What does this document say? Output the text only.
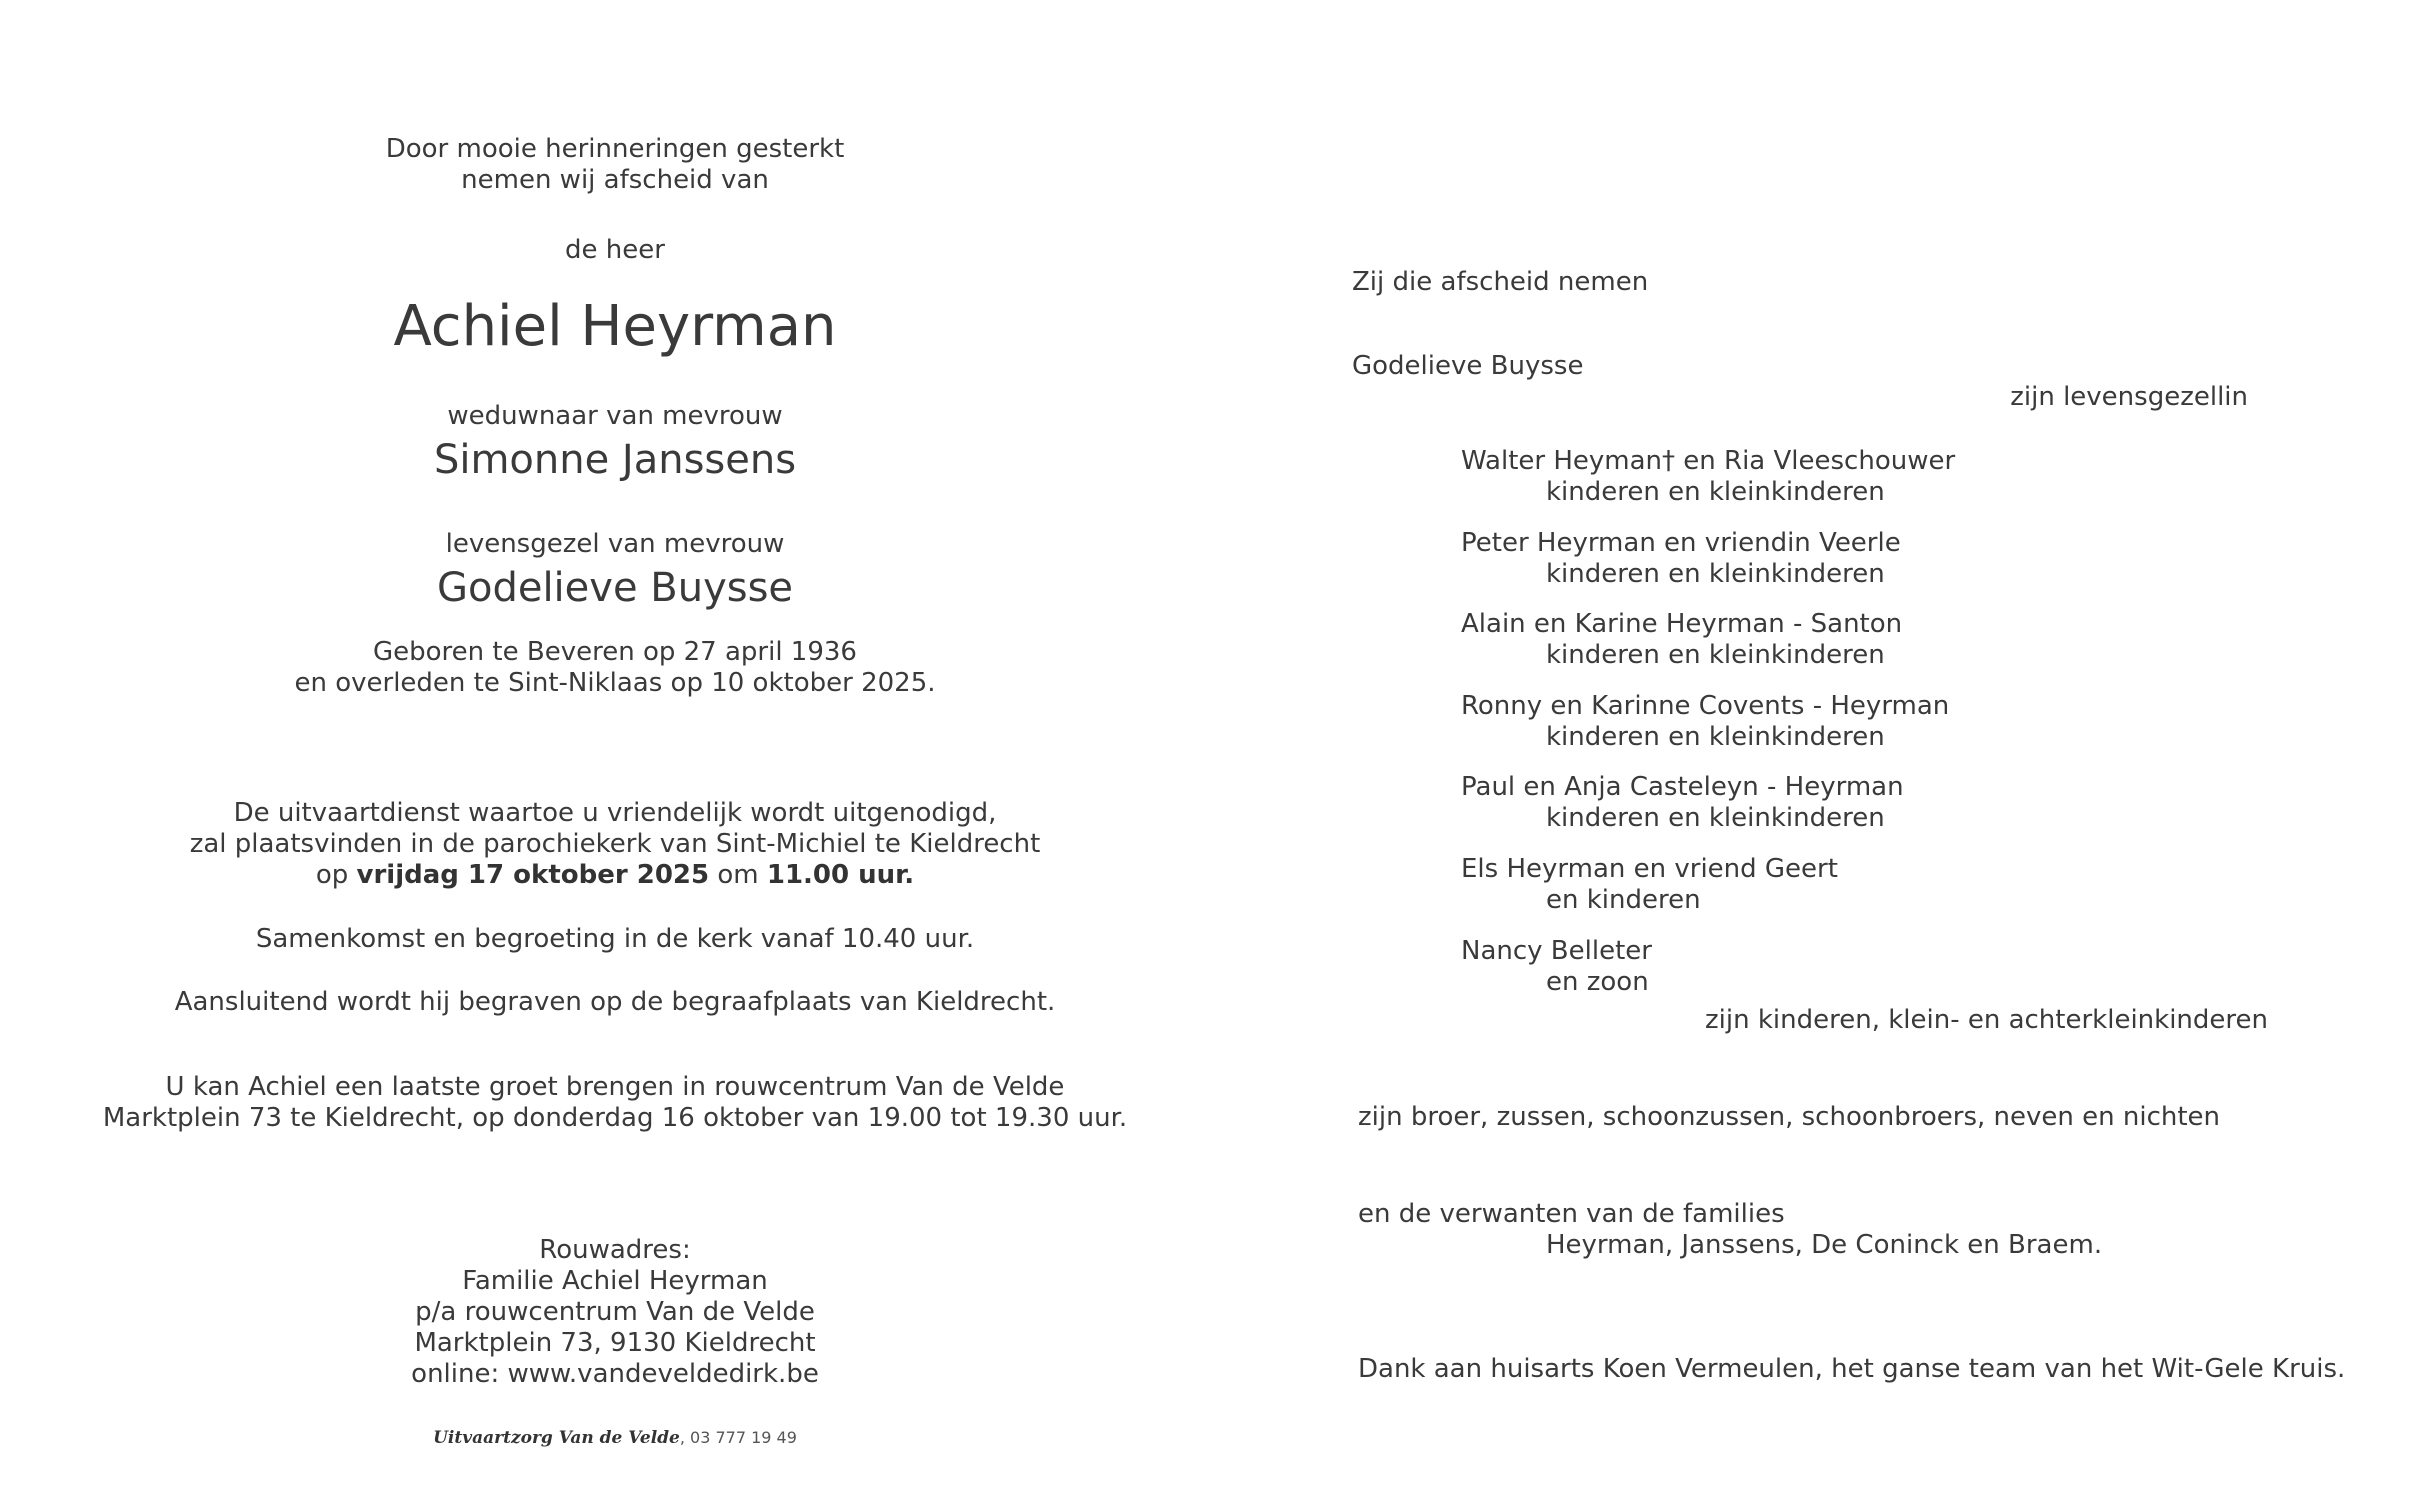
Door mooie herinneringen gesterkt
nemen wij afscheid van
de heer
Achiel Heyrman
weduwnaar van mevrouw
Simonne Janssens
levensgezel van mevrouw
Godelieve Buysse
Geboren te Beveren op 27 april 1936
en overleden te Sint-Niklaas op 10 oktober 2025.
De uitvaartdienst waartoe u vriendelijk wordt uitgenodigd,
zal plaatsvinden in de parochiekerk van Sint-Michiel te Kieldrecht
op vrijdag 17 oktober 2025 om 11.00 uur.
Samenkomst en begroeting in de kerk vanaf 10.40 uur.
Aansluitend wordt hij begraven op de begraafplaats van Kieldrecht.
U kan Achiel een laatste groet brengen in rouwcentrum Van de Velde
Marktplein 73 te Kieldrecht, op donderdag 16 oktober van 19.00 tot 19.30 uur.
Rouwadres:
Familie Achiel Heyrman
p/a rouwcentrum Van de Velde
Marktplein 73, 9130 Kieldrecht
online: www.vandeveldedirk.be
Uitvaartzorg Van de Velde, 03 777 19 49
Zij die afscheid nemen
Godelieve Buysse
zijn levensgezellin
Walter Heyman† en Ria Vleeschouwer
kinderen en kleinkinderen
Peter Heyrman en vriendin Veerle
kinderen en kleinkinderen
Alain en Karine Heyrman - Santon
kinderen en kleinkinderen
Ronny en Karinne Covents - Heyrman
kinderen en kleinkinderen
Paul en Anja Casteleyn - Heyrman
kinderen en kleinkinderen
Els Heyrman en vriend Geert
en kinderen
Nancy Belleter
en zoon
zijn kinderen, klein- en achterkleinkinderen
zijn broer, zussen, schoonzussen, schoonbroers, neven en nichten
en de verwanten van de families
Heyrman, Janssens, De Coninck en Braem.
Dank aan huisarts Koen Vermeulen, het ganse team van het Wit-Gele Kruis.
